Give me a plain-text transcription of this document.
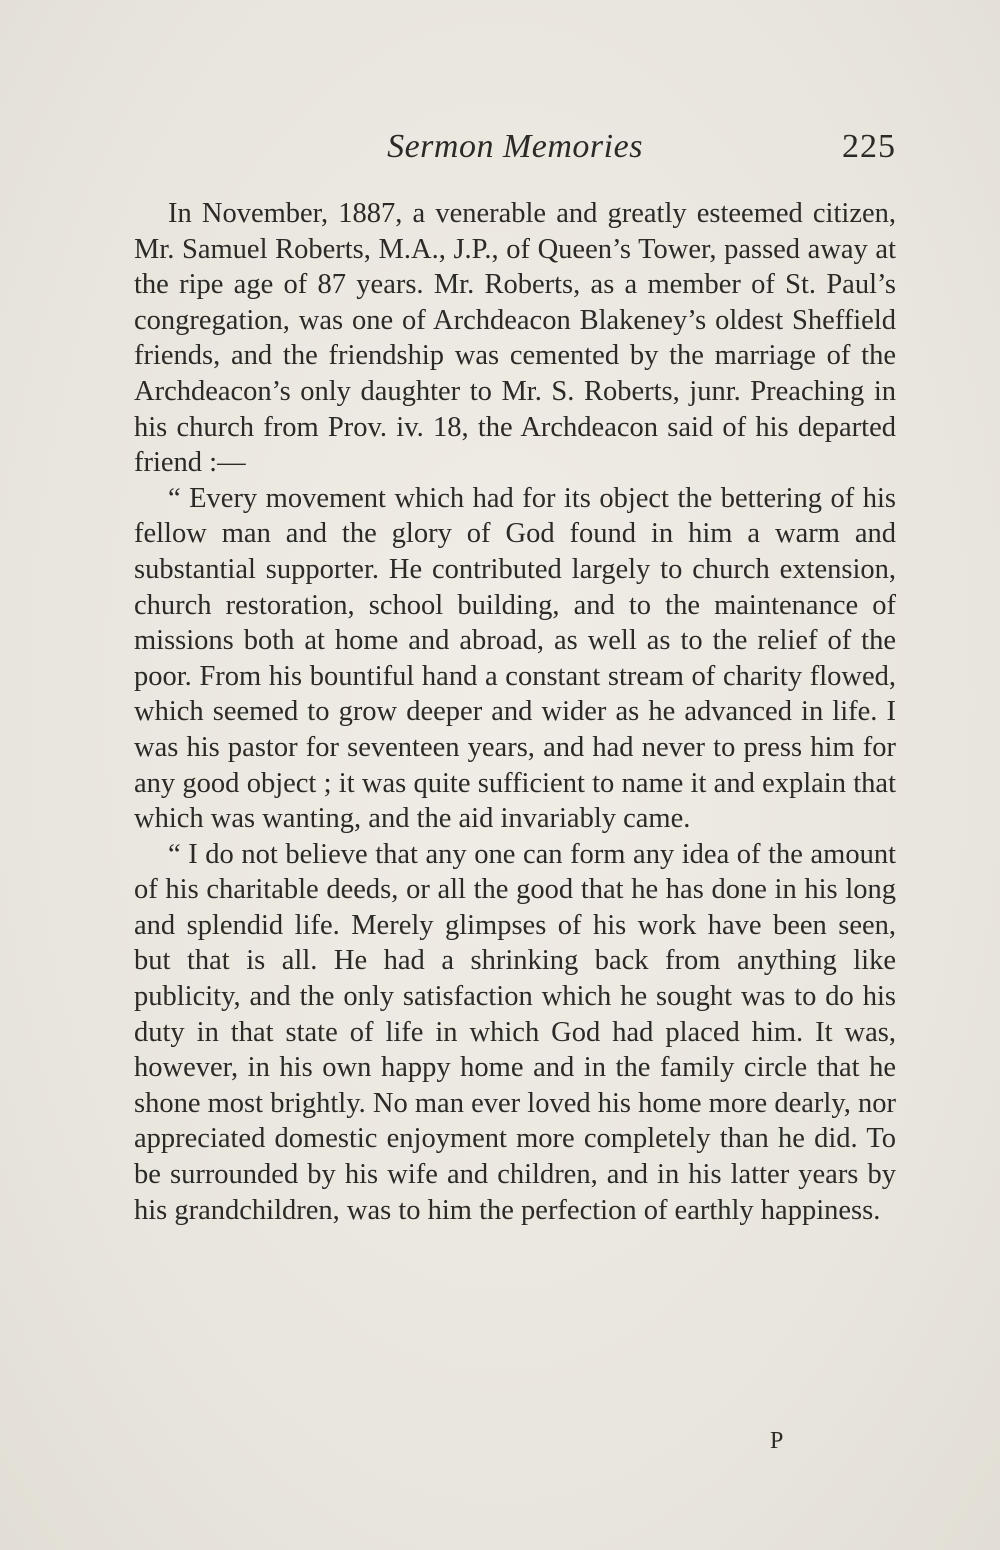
Sermon Memories	225

In November, 1887, a venerable and greatly esteemed citizen, Mr. Samuel Roberts, M.A., J.P., of Queen’s Tower, passed away at the ripe age of 87 years. Mr. Roberts, as a member of St. Paul’s congregation, was one of Archdeacon Blakeney’s oldest Sheffield friends, and the friendship was cemented by the marriage of the Archdeacon’s only daughter to Mr. S. Roberts, junr. Preaching in his church from Prov. iv. 18, the Archdeacon said of his departed friend :—

“ Every movement which had for its object the bettering of his fellow man and the glory of God found in him a warm and substantial supporter. He contributed largely to church extension, church restoration, school building, and to the maintenance of missions both at home and abroad, as well as to the relief of the poor. From his bountiful hand a constant stream of charity flowed, which seemed to grow deeper and wider as he advanced in life. I was his pastor for seventeen years, and had never to press him for any good object ; it was quite sufficient to name it and explain that which was wanting, and the aid invariably came.

“ I do not believe that any one can form any idea of the amount of his charitable deeds, or all the good that he has done in his long and splendid life. Merely glimpses of his work have been seen, but that is all. He had a shrinking back from anything like publicity, and the only satisfaction which he sought was to do his duty in that state of life in which God had placed him. It was, however, in his own happy home and in the family circle that he shone most brightly. No man ever loved his home more dearly, nor appreciated domestic enjoyment more completely than he did. To be surrounded by his wife and children, and in his latter years by his grandchildren, was to him the perfection of earthly happiness.

P
